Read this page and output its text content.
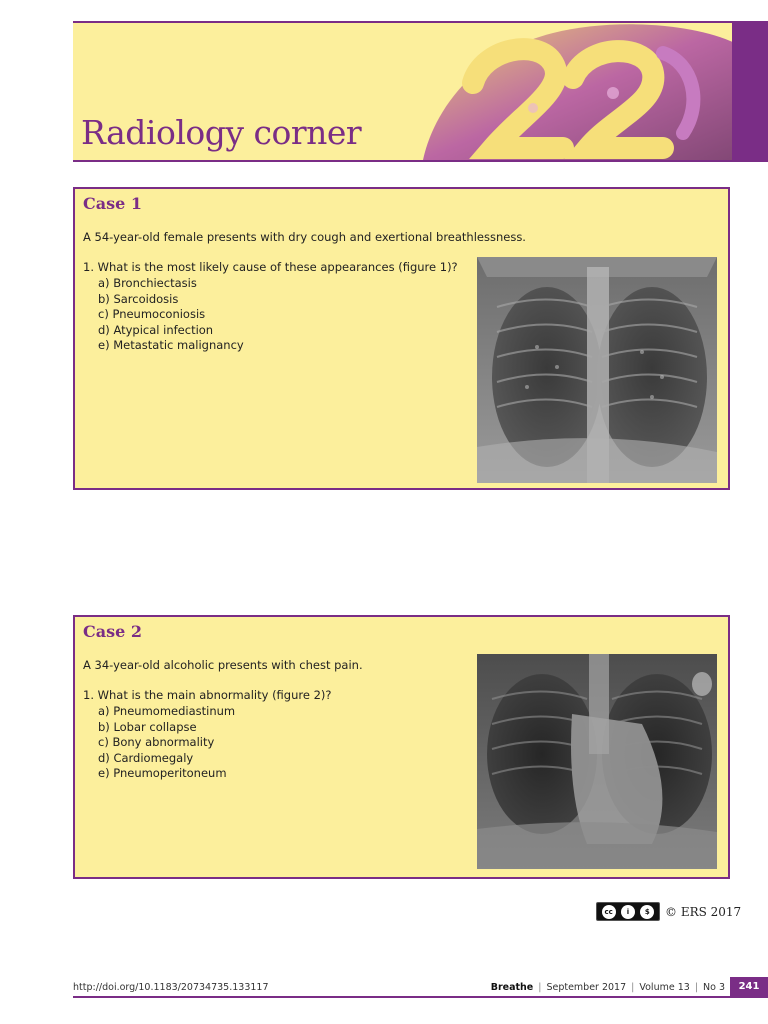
Radiology corner
Case 1

A 54-year-old female presents with dry cough and exertional breathlessness.

1. What is the most likely cause of these appearances (figure 1)?

a) Bronchiectasis
b) Sarcoidosis
c) Pneumoconiosis
d) Atypical infection
e) Metastatic malignancy
Case 2

A 34-year-old alcoholic presents with chest pain.

1. What is the main abnormality (figure 2)?

a) Pneumomediastinum
b) Lobar collapse
c) Bony abnormality
d) Cardiomegaly
e) Pneumoperitoneum
cc	i	$	© ERS 2017
http://doi.org/10.1183/20734735.133117	Breathe | September 2017 | Volume 13 | No 3	241
